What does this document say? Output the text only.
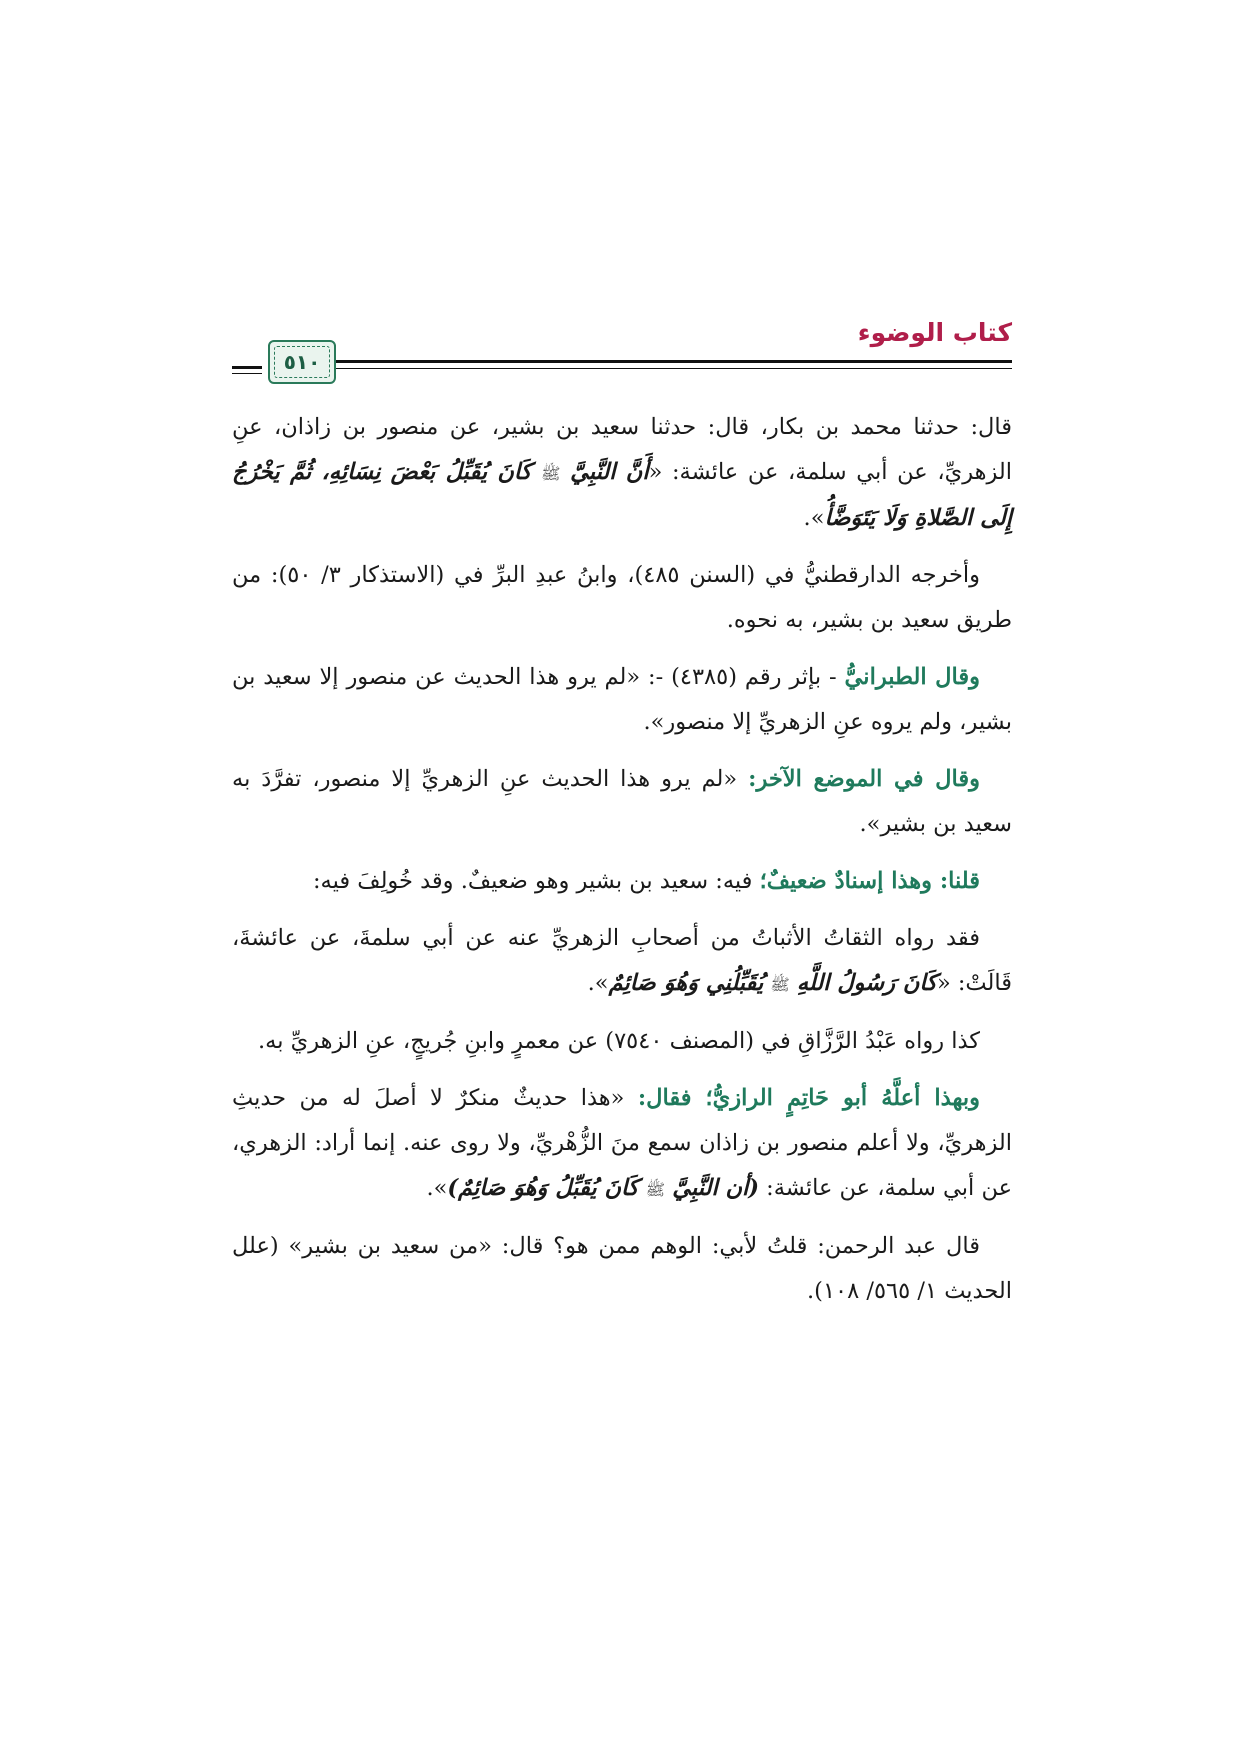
كتاب الوضوء
٥١٠

قال: حدثنا محمد بن بكار، قال: حدثنا سعيد بن بشير، عن منصور بن زاذان، عنِ الزهريِّ، عن أبي سلمة، عن عائشة: «أَنَّ النَّبِيَّ ﷺ كَانَ يُقَبِّلُ بَعْضَ نِسَائِهِ، ثُمَّ يَخْرُجُ إِلَى الصَّلاةِ وَلَا يَتَوَضَّأُ».

وأخرجه الدارقطنيُّ في (السنن ٤٨٥)، وابنُ عبدِ البرِّ في (الاستذكار ٣/ ٥٠): من طريق سعيد بن بشير، به نحوه.

وقال الطبرانيُّ - بإثر رقم (٤٣٨٥) -: «لم يرو هذا الحديث عن منصور إلا سعيد بن بشير، ولم يروه عنِ الزهريِّ إلا منصور».

وقال في الموضع الآخر: «لم يرو هذا الحديث عنِ الزهريِّ إلا منصور، تفرَّدَ به سعيد بن بشير».

قلنا: وهذا إسنادٌ ضعيفٌ؛ فيه: سعيد بن بشير وهو ضعيفٌ. وقد خُولِفَ فيه:

فقد رواه الثقاتُ الأثباتُ من أصحابِ الزهريِّ عنه عن أبي سلمةَ، عن عائشةَ، قَالَتْ: «كَانَ رَسُولُ اللَّهِ ﷺ يُقَبِّلُنِي وَهُوَ صَائِمٌ».

كذا رواه عَبْدُ الرَّزَّاقِ في (المصنف ٧٥٤٠) عن معمرٍ وابنِ جُريجٍ، عنِ الزهريِّ به.

وبهذا أعلَّهُ أبو حَاتِمٍ الرازيُّ؛ فقال: «هذا حديثٌ منكرٌ لا أصلَ له من حديثِ الزهريِّ، ولا أعلم منصور بن زاذان سمع منَ الزُّهْريِّ، ولا روى عنه. إنما أراد: الزهري، عن أبي سلمة، عن عائشة: (أن النَّبِيَّ ﷺ كَانَ يُقَبِّلُ وَهُوَ صَائِمٌ)».

قال عبد الرحمن: قلتُ لأبي: الوهم ممن هو؟ قال: «من سعيد بن بشير» (علل الحديث ١/ ٥٦٥/ ١٠٨).
